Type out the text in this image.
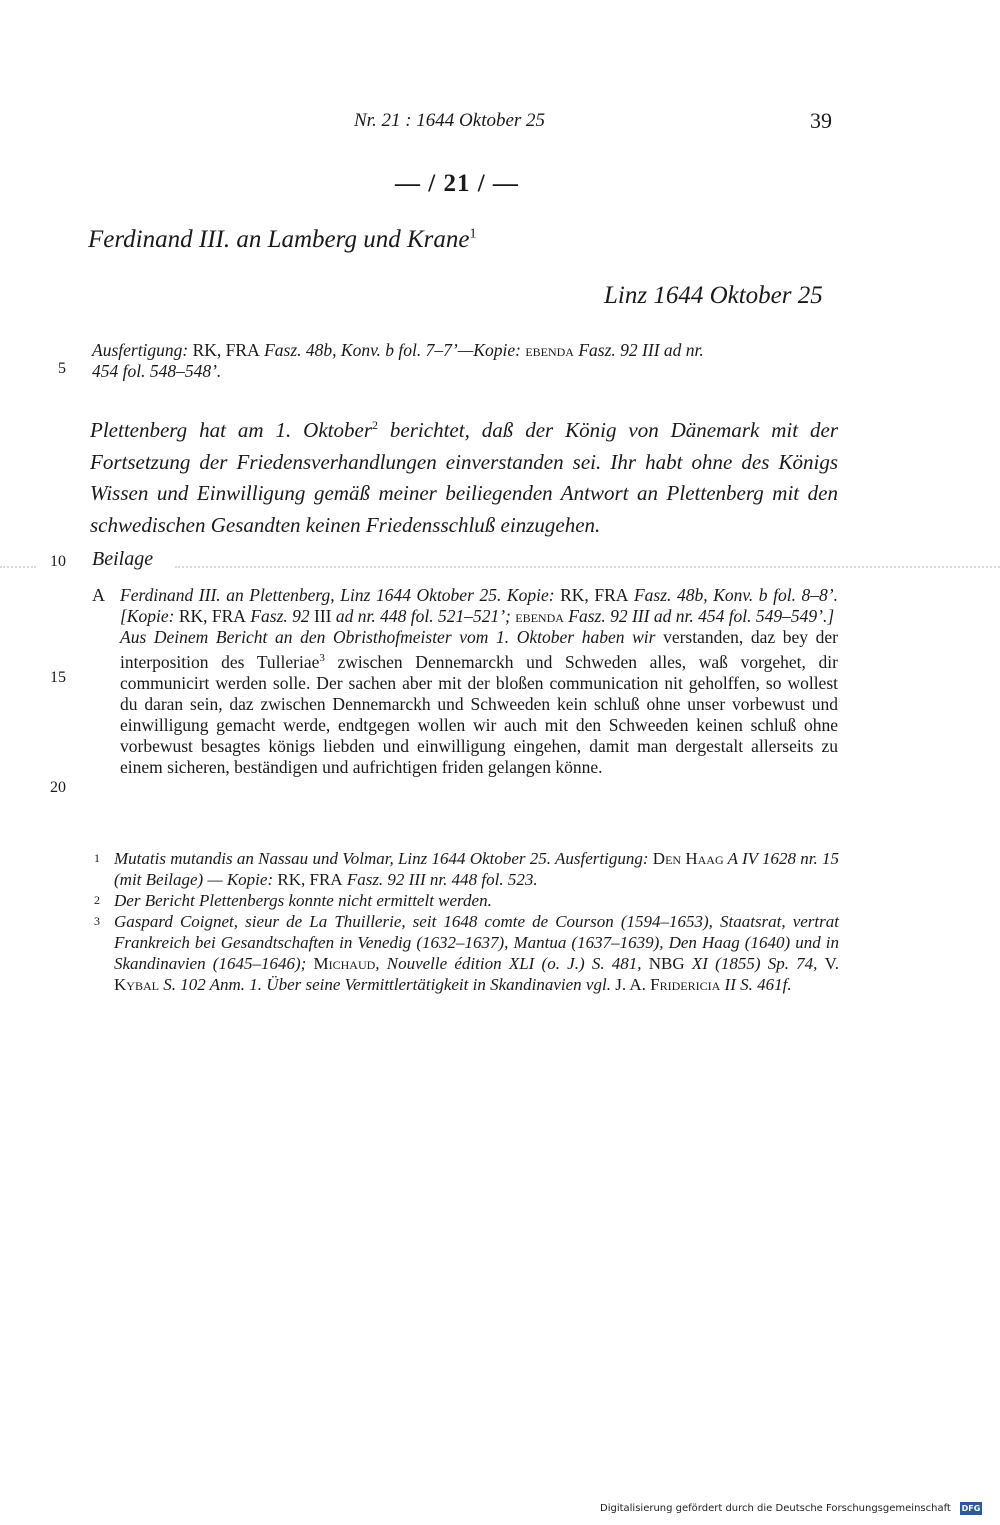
Nr. 21 : 1644 Oktober 25	39
— / 21 / —
Ferdinand III. an Lamberg und Krane$^1$
Linz 1644 Oktober 25
Ausfertigung: RK, FRA Fasz. 48b, Konv. b fol. 7–7’—Kopie: ebenda Fasz. 92 III ad nr.
454 fol. 548–548’.
5
10
15
20
Plettenberg hat am 1. Oktober$^2$ berichtet, daß der König von Dänemark mit der Fortsetzung der Friedensverhandlungen einverstanden sei. Ihr habt ohne des Königs Wissen und Einwilligung gemäß meiner beiliegenden Antwort an Plettenberg mit den schwedischen Gesandten keinen Friedensschluß einzugehen.
Beilage
A Ferdinand III. an Plettenberg, Linz 1644 Oktober 25. Kopie: RK, FRA Fasz. 48b, Konv. b fol. 8–8’. [Kopie: RK, FRA Fasz. 92 III ad nr. 448 fol. 521–521’; ebenda Fasz. 92 III ad nr. 454 fol. 549–549’.]
Aus Deinem Bericht an den Obristhofmeister vom 1. Oktober haben wir verstanden, daz bey der interposition des Tulleriae$^3$ zwischen Dennemarckh und Schweden alles, waß vorgehet, dir communicirt werden solle. Der sachen aber mit der bloßen communication nit geholffen, so wollest du daran sein, daz zwischen Dennemarckh und Schweeden kein schluß ohne unser vorbewust und einwilligung gemacht werde, endtgegen wollen wir auch mit den Schweeden keinen schluß ohne vorbewust besagtes königs liebden und einwilligung eingehen, damit man dergestalt allerseits zu einem sicheren, beständigen und aufrichtigen friden gelangen könne.
1 Mutatis mutandis an Nassau und Volmar, Linz 1644 Oktober 25. Ausfertigung: Den Haag A IV 1628 nr. 15 (mit Beilage) — Kopie: RK, FRA Fasz. 92 III nr. 448 fol. 523.
2 Der Bericht Plettenbergs konnte nicht ermittelt werden.
3 Gaspard Coignet, sieur de La Thuillerie, seit 1648 comte de Courson (1594–1653), Staatsrat, vertrat Frankreich bei Gesandtschaften in Venedig (1632–1637), Mantua (1637–1639), Den Haag (1640) und in Skandinavien (1645–1646); Michaud, Nouvelle édition XLI (o. J.) S. 481, NBG XI (1855) Sp. 74, V. Kybal S. 102 Anm. 1. Über seine Vermittlertätigkeit in Skandinavien vgl. J. A. Fridericia II S. 461f.
Digitalisierung gefördert durch die Deutsche Forschungsgemeinschaft DFG
